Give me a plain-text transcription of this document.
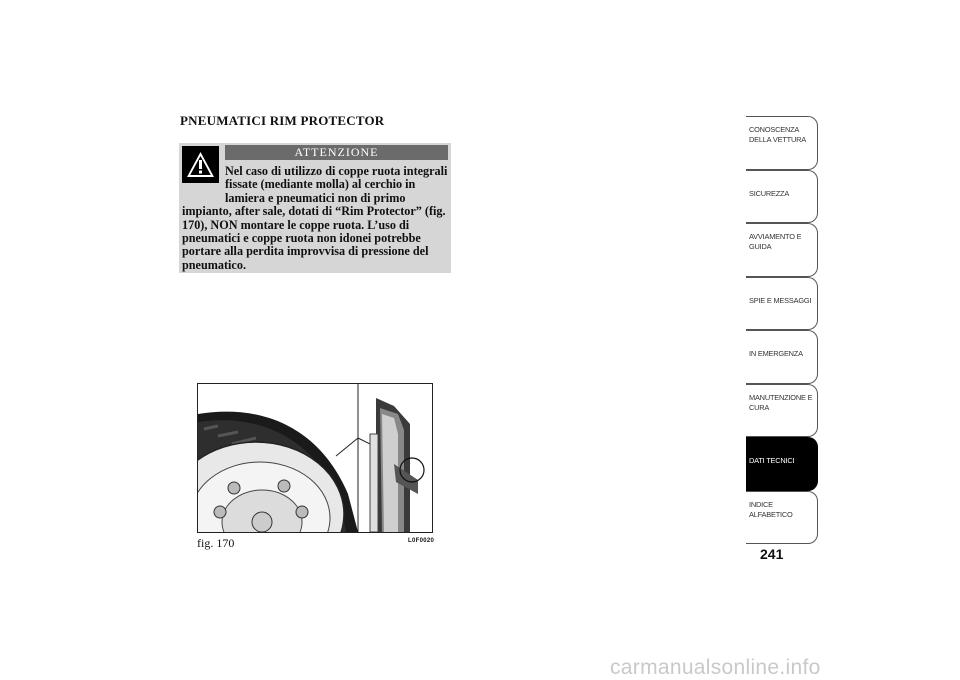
PNEUMATICI RIM PROTECTOR
ATTENZIONE

Nel caso di utilizzo di coppe ruota integrali fissate (mediante molla) al cerchio in lamiera e pneumatici non di primo impianto, after sale, dotati di “Rim Protector” (fig. 170), NON montare le coppe ruota. L’uso di pneumatici e coppe ruota non idonei potrebbe portare alla perdita improvvisa di pressione del pneumatico.

fig. 170	L0F0020
CONOSCENZA DELLA VETTURA
SICUREZZA
AVVIAMENTO E GUIDA
SPIE E MESSAGGI
IN EMERGENZA
MANUTENZIONE E CURA
DATI TECNICI
INDICE ALFABETICO
241
carmanualsonline.info
